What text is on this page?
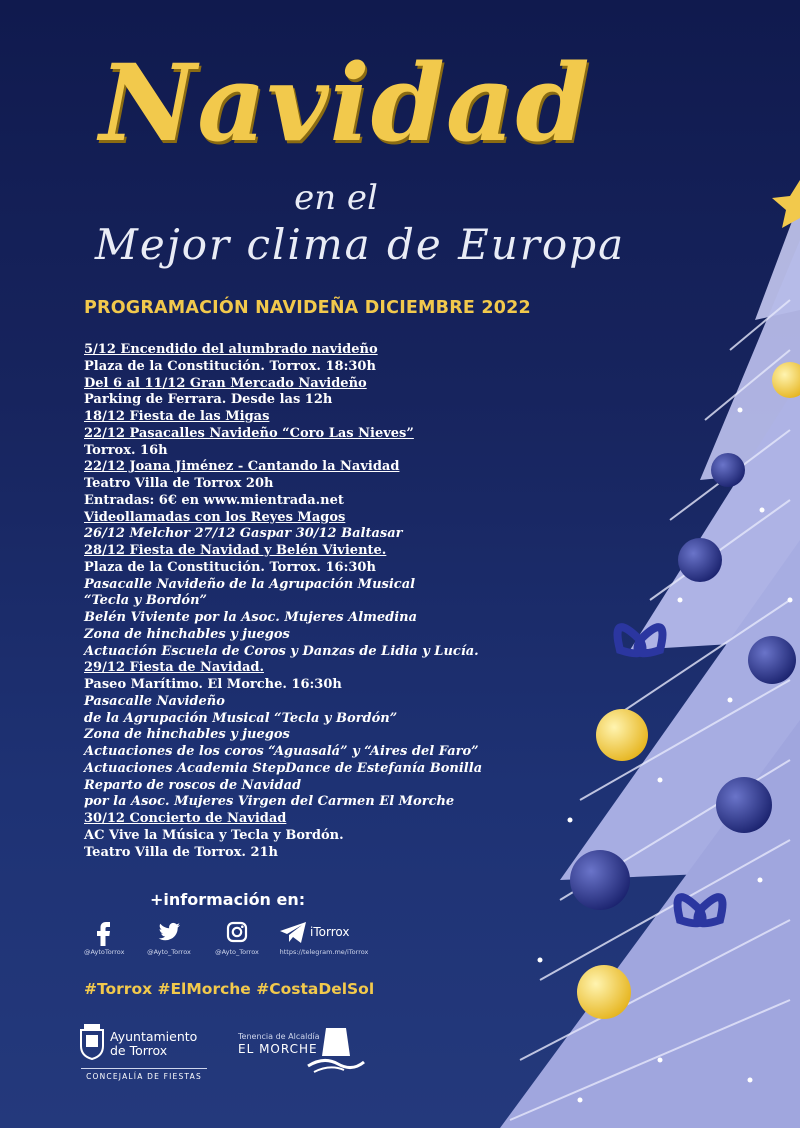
Navidad
en el
Mejor clima de Europa
PROGRAMACIÓN NAVIDEÑA DICIEMBRE 2022
5/12 Encendido del alumbrado navideño
Plaza de la Constitución. Torrox. 18:30h
Del 6 al 11/12 Gran Mercado Navideño
Parking de Ferrara. Desde las 12h
18/12 Fiesta de las Migas
22/12 Pasacalles Navideño “Coro Las Nieves”
Torrox. 16h
22/12 Joana Jiménez - Cantando la Navidad
Teatro Villa de Torrox 20h
Entradas: 6€ en www.mientrada.net
Videollamadas con los Reyes Magos
26/12 Melchor 27/12 Gaspar 30/12 Baltasar
28/12 Fiesta de Navidad y Belén Viviente.
Plaza de la Constitución. Torrox. 16:30h
Pasacalle Navideño de la Agrupación Musical
“Tecla y Bordón”
Belén Viviente por la Asoc. Mujeres Almedina
Zona de hinchables y juegos
Actuación Escuela de Coros y Danzas de Lidia y Lucía.
29/12 Fiesta de Navidad.
Paseo Marítimo. El Morche. 16:30h
Pasacalle Navideño
de la Agrupación Musical “Tecla y Bordón”
Zona de hinchables y juegos
Actuaciones de los coros “Aguasalá” y “Aires del Faro”
Actuaciones Academia StepDance de Estefanía Bonilla
Reparto de roscos de Navidad
por la Asoc. Mujeres Virgen del Carmen El Morche
30/12 Concierto de Navidad
AC Vive la Música y Tecla y Bordón.
Teatro Villa de Torrox. 21h
+información en:
@AytoTorrox	@Ayto_Torrox	@Ayto_Torrox
iTorrox
https://telegram.me/iTorrox
#Torrox #ElMorche #CostaDelSol
Ayuntamiento
de Torrox
CONCEJALÍA DE FIESTAS
Tenencia de Alcaldía
EL MORCHE
